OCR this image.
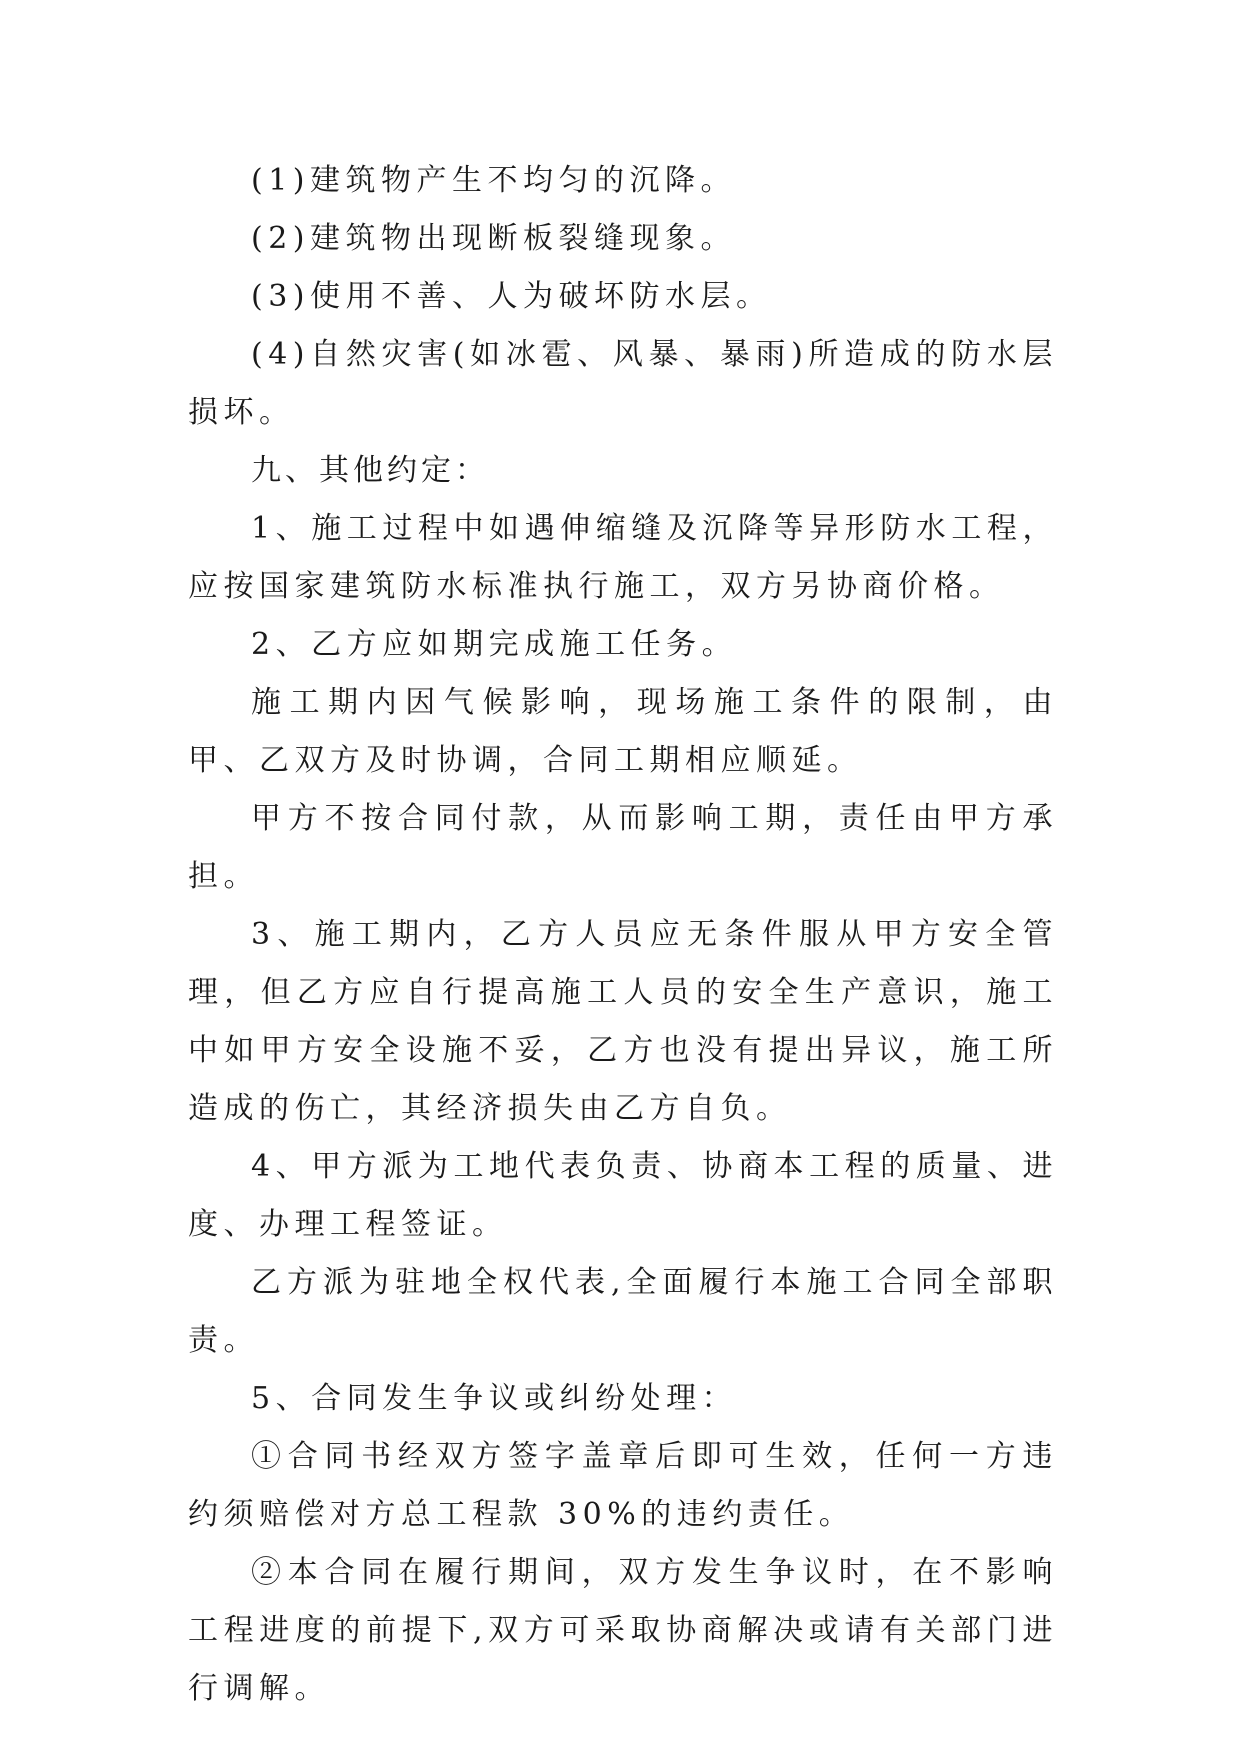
(1)建筑物产生不均匀的沉降。

(2)建筑物出现断板裂缝现象。

(3)使用不善、人为破坏防水层。

(4)自然灾害(如冰雹、风暴、暴雨)所造成的防水层损坏。

九、其他约定：

1、施工过程中如遇伸缩缝及沉降等异形防水工程，应按国家建筑防水标准执行施工，双方另协商价格。

2、乙方应如期完成施工任务。

施工期内因气候影响，现场施工条件的限制，由甲、乙双方及时协调，合同工期相应顺延。

甲方不按合同付款，从而影响工期，责任由甲方承担。

3、施工期内，乙方人员应无条件服从甲方安全管理，但乙方应自行提高施工人员的安全生产意识，施工中如甲方安全设施不妥，乙方也没有提出异议，施工所造成的伤亡，其经济损失由乙方自负。

4、甲方派为工地代表负责、协商本工程的质量、进度、办理工程签证。

乙方派为驻地全权代表,全面履行本施工合同全部职责。

5、合同发生争议或纠纷处理：

①合同书经双方签字盖章后即可生效，任何一方违约须赔偿对方总工程款 30%的违约责任。

②本合同在履行期间，双方发生争议时，在不影响工程进度的前提下,双方可采取协商解决或请有关部门进行调解。
